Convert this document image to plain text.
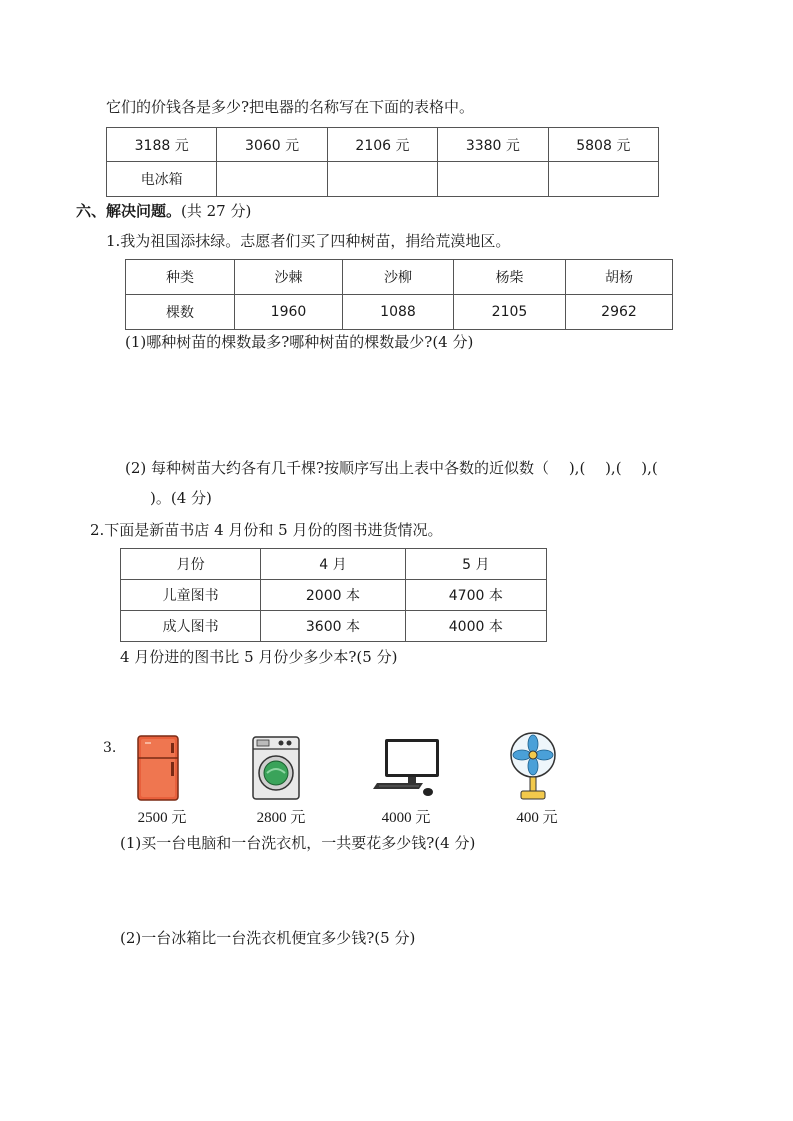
它们的价钱各是多少?把电器的名称写在下面的表格中。
3188 元	3060 元	2106 元	3380 元	5808 元
电冰箱				
六、解决问题。(共 27 分)
1.我为祖国添抹绿。志愿者们买了四种树苗，捐给荒漠地区。
种类	沙棘	沙柳	杨柴	胡杨
棵数	1960	1088	2105	2962
(1)哪种树苗的棵数最多?哪种树苗的棵数最少?(4 分)
(2) 每种树苗大约各有几千棵?按顺序写出上表中各数的近似数（　 ),(　 ),(　 ),(
)。(4 分)
2.下面是新苗书店 4 月份和 5 月份的图书进货情况。
月份	4 月	5 月
儿童图书	2000 本	4700 本
成人图书	3600 本	4000 本
4 月份进的图书比 5 月份少多少本?(5 分)
3.
2500 元	2800 元	4000 元	400 元
(1)买一台电脑和一台洗衣机，一共要花多少钱?(4 分)
(2)一台冰箱比一台洗衣机便宜多少钱?(5 分)
